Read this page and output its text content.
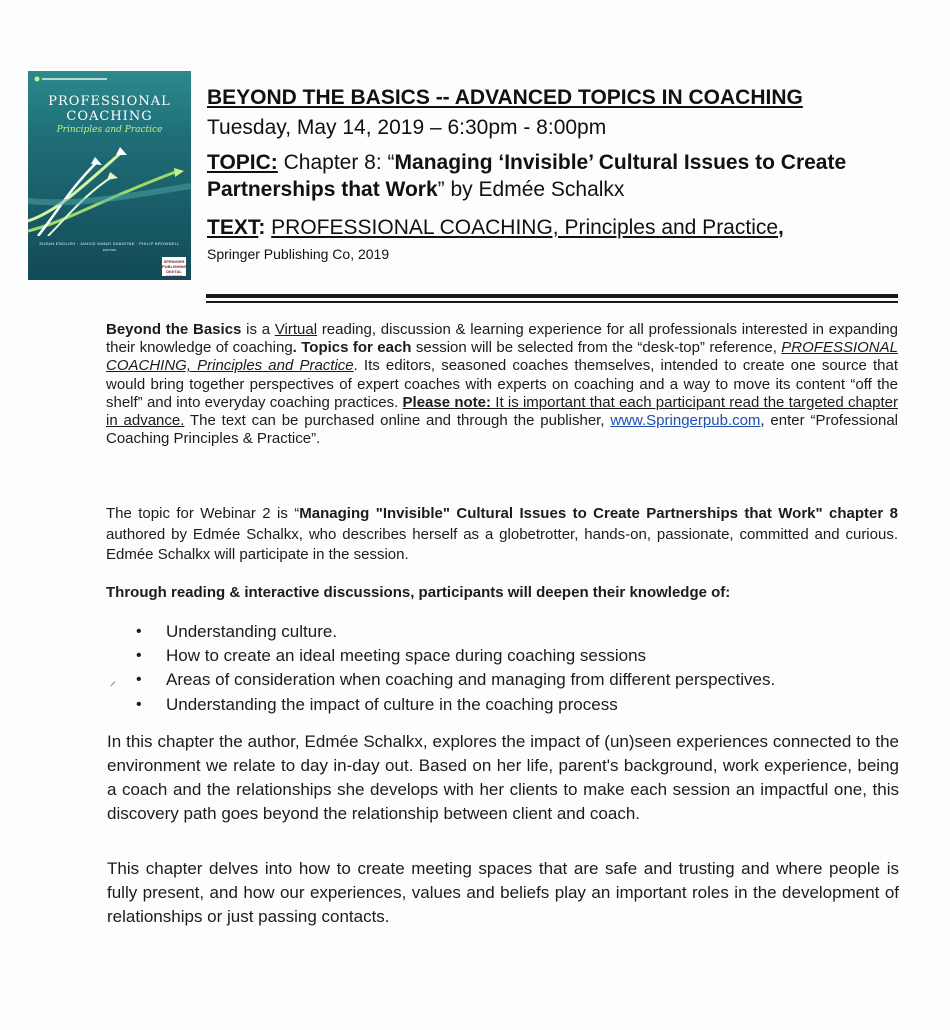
PROFESSIONAL
COACHING
Principles and Practice
SUSAN ENGLISH · JANICE MANZI SABATINE · PHILIP BROWNELL
EDITORS
SPRINGER PUBLISHING DIGITAL ACCESS
BEYOND THE BASICS -- ADVANCED TOPICS IN COACHING
Tuesday, May 14, 2019 – 6:30pm - 8:00pm
TOPIC: Chapter 8: “Managing ‘Invisible’ Cultural Issues to Create Partnerships that Work” by Edmée Schalkx
TEXT: PROFESSIONAL COACHING, Principles and Practice,
Springer Publishing Co, 2019
Beyond the Basics is a Virtual reading, discussion & learning experience for all professionals interested in expanding their knowledge of coaching. Topics for each session will be selected from the “desk-top” reference, PROFESSIONAL COACHING, Principles and Practice. Its editors, seasoned coaches themselves, intended to create one source that would bring together perspectives of expert coaches with experts on coaching and a way to move its content “off the shelf” and into everyday coaching practices. Please note: It is important that each participant read the targeted chapter in advance. The text can be purchased online and through the publisher, www.Springerpub.com, enter “Professional Coaching Principles & Practice”.
The topic for Webinar 2 is “Managing "Invisible" Cultural Issues to Create Partnerships that Work" chapter 8 authored by Edmée Schalkx, who describes herself as a globetrotter, hands-on, passionate, committed and curious. Edmée Schalkx will participate in the session.
Through reading & interactive discussions, participants will deepen their knowledge of:
⸝
• Understanding culture.
• How to create an ideal meeting space during coaching sessions
• Areas of consideration when coaching and managing from different perspectives.
• Understanding the impact of culture in the coaching process
In this chapter the author, Edmée Schalkx, explores the impact of (un)seen experiences connected to the environment we relate to day in-day out. Based on her life, parent's background, work experience, being a coach and the relationships she develops with her clients to make each session an impactful one, this discovery path goes beyond the relationship between client and coach.
This chapter delves into how to create meeting spaces that are safe and trusting and where people is fully present, and how our experiences, values and beliefs play an important roles in the development of relationships or just passing contacts.
